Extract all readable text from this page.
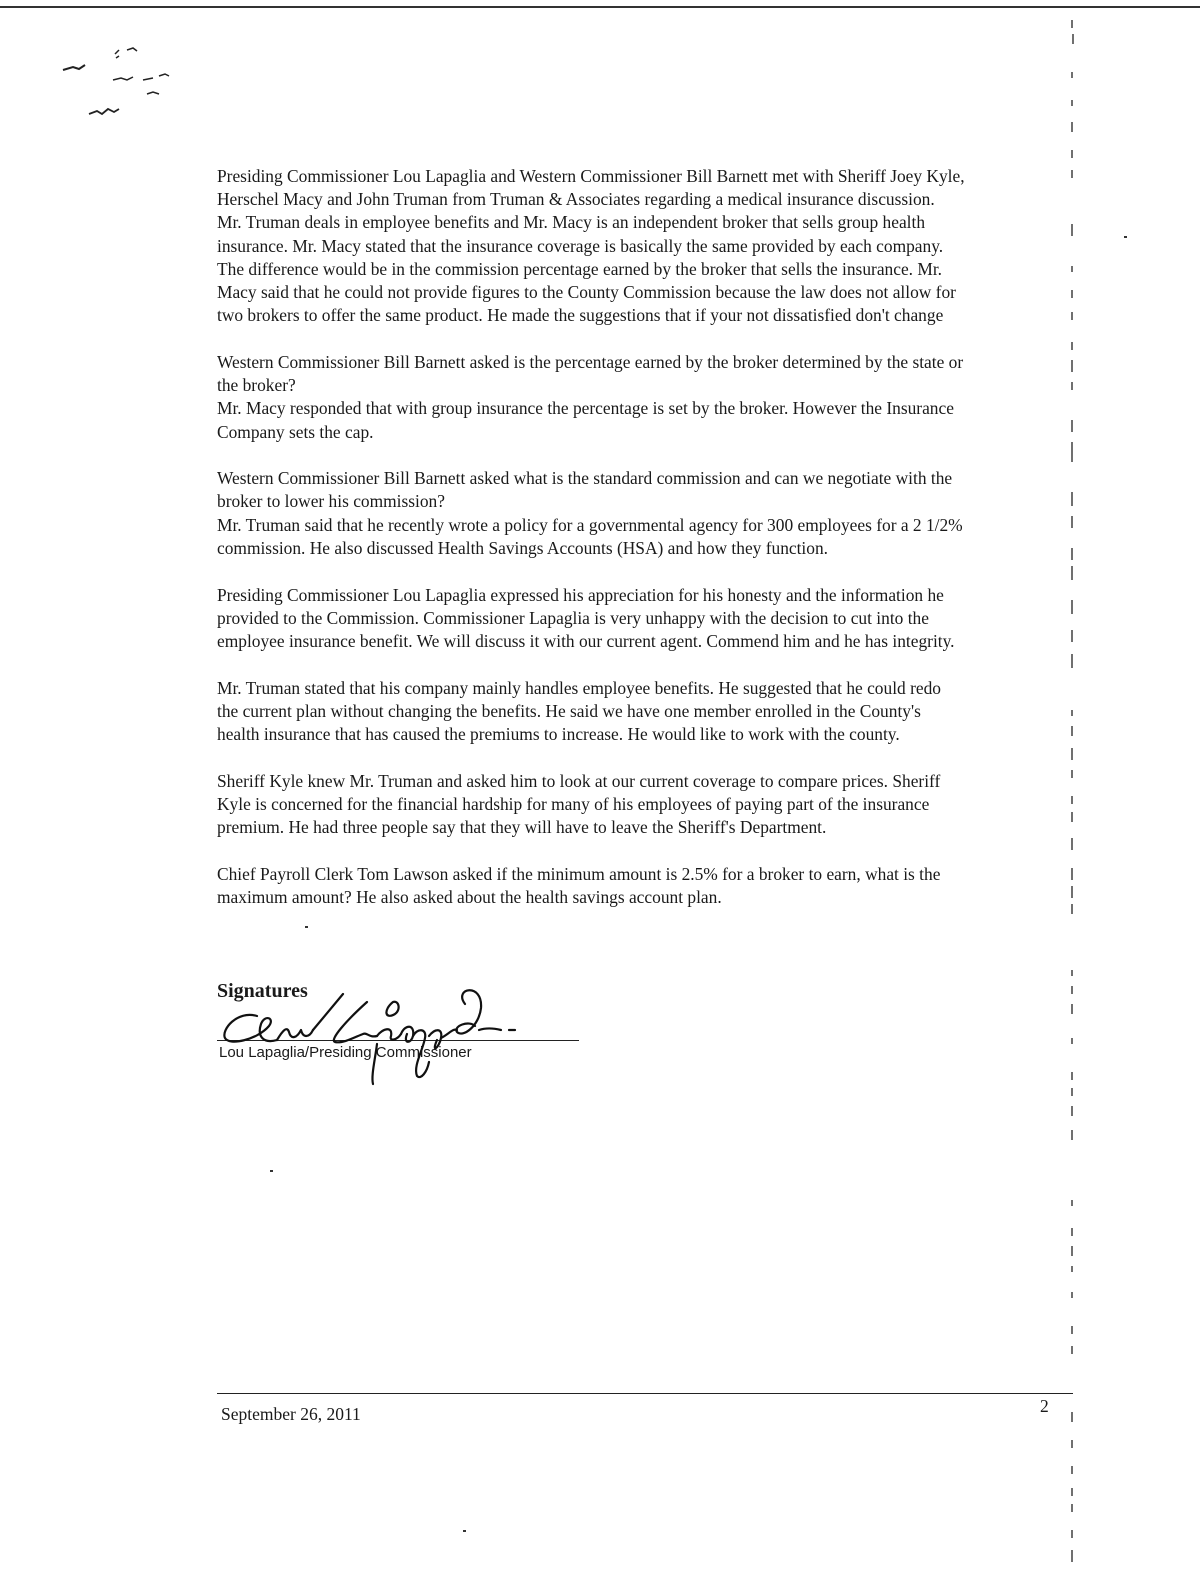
Presiding Commissioner Lou Lapaglia and Western Commissioner Bill Barnett met with Sheriff Joey Kyle,
Herschel Macy and John Truman from Truman & Associates regarding a medical insurance discussion.
Mr. Truman deals in employee benefits and Mr. Macy is an independent broker that sells group health
insurance. Mr. Macy stated that the insurance coverage is basically the same provided by each company.
The difference would be in the commission percentage earned by the broker that sells the insurance. Mr.
Macy said that he could not provide figures to the County Commission because the law does not allow for
two brokers to offer the same product. He made the suggestions that if your not dissatisfied don't change

Western Commissioner Bill Barnett asked is the percentage earned by the broker determined by the state or
the broker?
Mr. Macy responded that with group insurance the percentage is set by the broker. However the Insurance
Company sets the cap.

Western Commissioner Bill Barnett asked what is the standard commission and can we negotiate with the
broker to lower his commission?
Mr. Truman said that he recently wrote a policy for a governmental agency for 300 employees for a 2 1/2%
commission. He also discussed Health Savings Accounts (HSA) and how they function.

Presiding Commissioner Lou Lapaglia expressed his appreciation for his honesty and the information he
provided to the Commission. Commissioner Lapaglia is very unhappy with the decision to cut into the
employee insurance benefit. We will discuss it with our current agent. Commend him and he has integrity.

Mr. Truman stated that his company mainly handles employee benefits. He suggested that he could redo
the current plan without changing the benefits. He said we have one member enrolled in the County's
health insurance that has caused the premiums to increase. He would like to work with the county.

Sheriff Kyle knew Mr. Truman and asked him to look at our current coverage to compare prices. Sheriff
Kyle is concerned for the financial hardship for many of his employees of paying part of the insurance
premium. He had three people say that they will have to leave the Sheriff's Department.

Chief Payroll Clerk Tom Lawson asked if the minimum amount is 2.5% for a broker to earn, what is the
maximum amount? He also asked about the health savings account plan.

Signatures
Lou Lapaglia/Presiding Commissioner
September 26, 2011	2
